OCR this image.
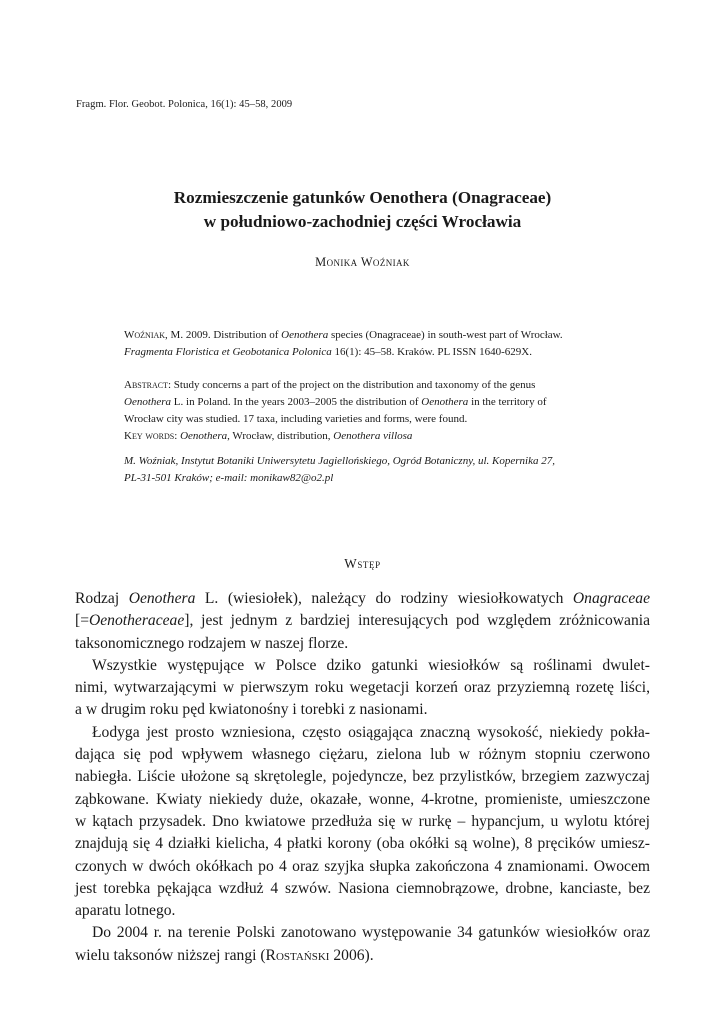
Fragm. Flor. Geobot. Polonica, 16(1): 45–58, 2009
Rozmieszczenie gatunków Oenothera (Onagraceae)
w południowo-zachodniej części Wrocławia
Monika Woźniak
Woźniak, M. 2009. Distribution of Oenothera species (Onagraceae) in south-west part of Wrocław.
Fragmenta Floristica et Geobotanica Polonica 16(1): 45–58. Kraków. PL ISSN 1640-629X.
Abstract: Study concerns a part of the project on the distribution and taxonomy of the genus
Oenothera L. in Poland. In the years 2003–2005 the distribution of Oenothera in the territory of
Wrocław city was studied. 17 taxa, including varieties and forms, were found.
Key words: Oenothera, Wrocław, distribution, Oenothera villosa
M. Woźniak, Instytut Botaniki Uniwersytetu Jagiellońskiego, Ogród Botaniczny, ul. Kopernika 27,
PL-31-501 Kraków; e-mail: monikaw82@o2.pl
Wstęp
Rodzaj Oenothera L. (wiesiołek), należący do rodziny wiesiołkowatych Onagraceae
[=Oenotheraceae], jest jednym z bardziej interesujących pod względem zróżnicowania
taksonomicznego rodzajem w naszej florze.
Wszystkie występujące w Polsce dziko gatunki wiesiołków są roślinami dwulet-
nimi, wytwarzającymi w pierwszym roku wegetacji korzeń oraz przyziemną rozetę liści,
a w drugim roku pęd kwiatonośny i torebki z nasionami.
Łodyga jest prosto wzniesiona, często osiągająca znaczną wysokość, niekiedy pokła-
dająca się pod wpływem własnego ciężaru, zielona lub w różnym stopniu czerwono
nabiegła. Liście ułożone są skrętolegle, pojedyncze, bez przylistków, brzegiem zazwyczaj
ząbkowane. Kwiaty niekiedy duże, okazałe, wonne, 4-krotne, promieniste, umieszczone
w kątach przysadek. Dno kwiatowe przedłuża się w rurkę – hypancjum, u wylotu której
znajdują się 4 działki kielicha, 4 płatki korony (oba okółki są wolne), 8 pręcików umiesz-
czonych w dwóch okółkach po 4 oraz szyjka słupka zakończona 4 znamionami. Owocem
jest torebka pękająca wzdłuż 4 szwów. Nasiona ciemnobrązowe, drobne, kanciaste, bez
aparatu lotnego.
Do 2004 r. na terenie Polski zanotowano występowanie 34 gatunków wiesiołków oraz
wielu taksonów niższej rangi (Rostański 2006).
